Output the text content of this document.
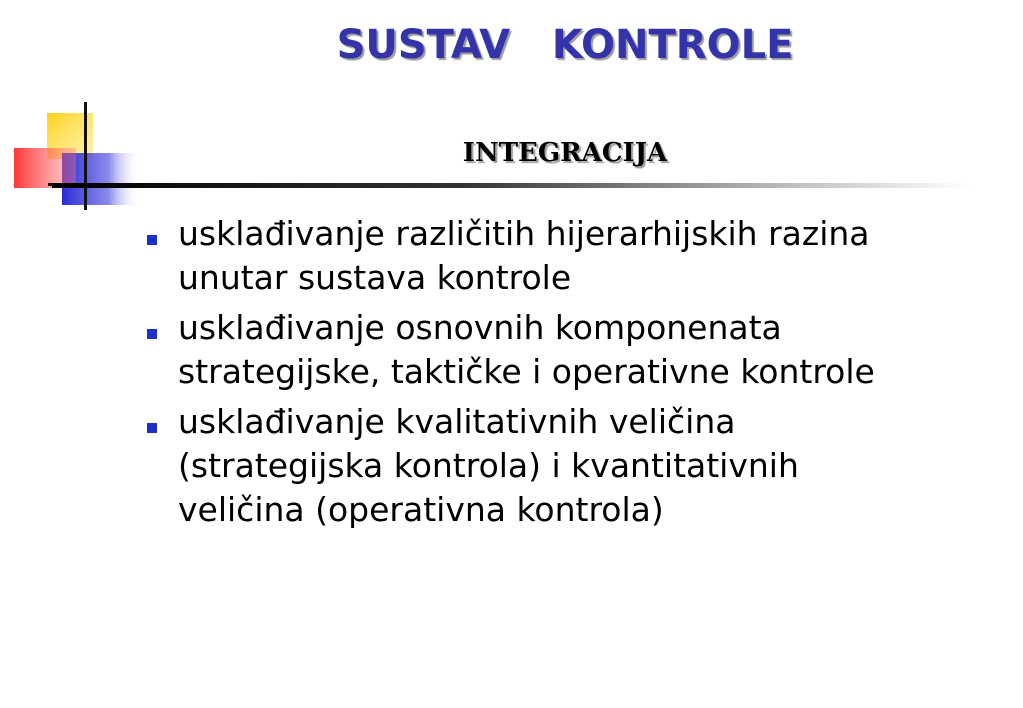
SUSTAV   KONTROLE
INTEGRACIJA
usklađivanje različitih hijerarhijskih razina
unutar sustava kontrole
usklađivanje osnovnih komponenata
strategijske, taktičke i operativne kontrole
usklađivanje kvalitativnih veličina
(strategijska kontrola) i kvantitativnih
veličina (operativna kontrola)
